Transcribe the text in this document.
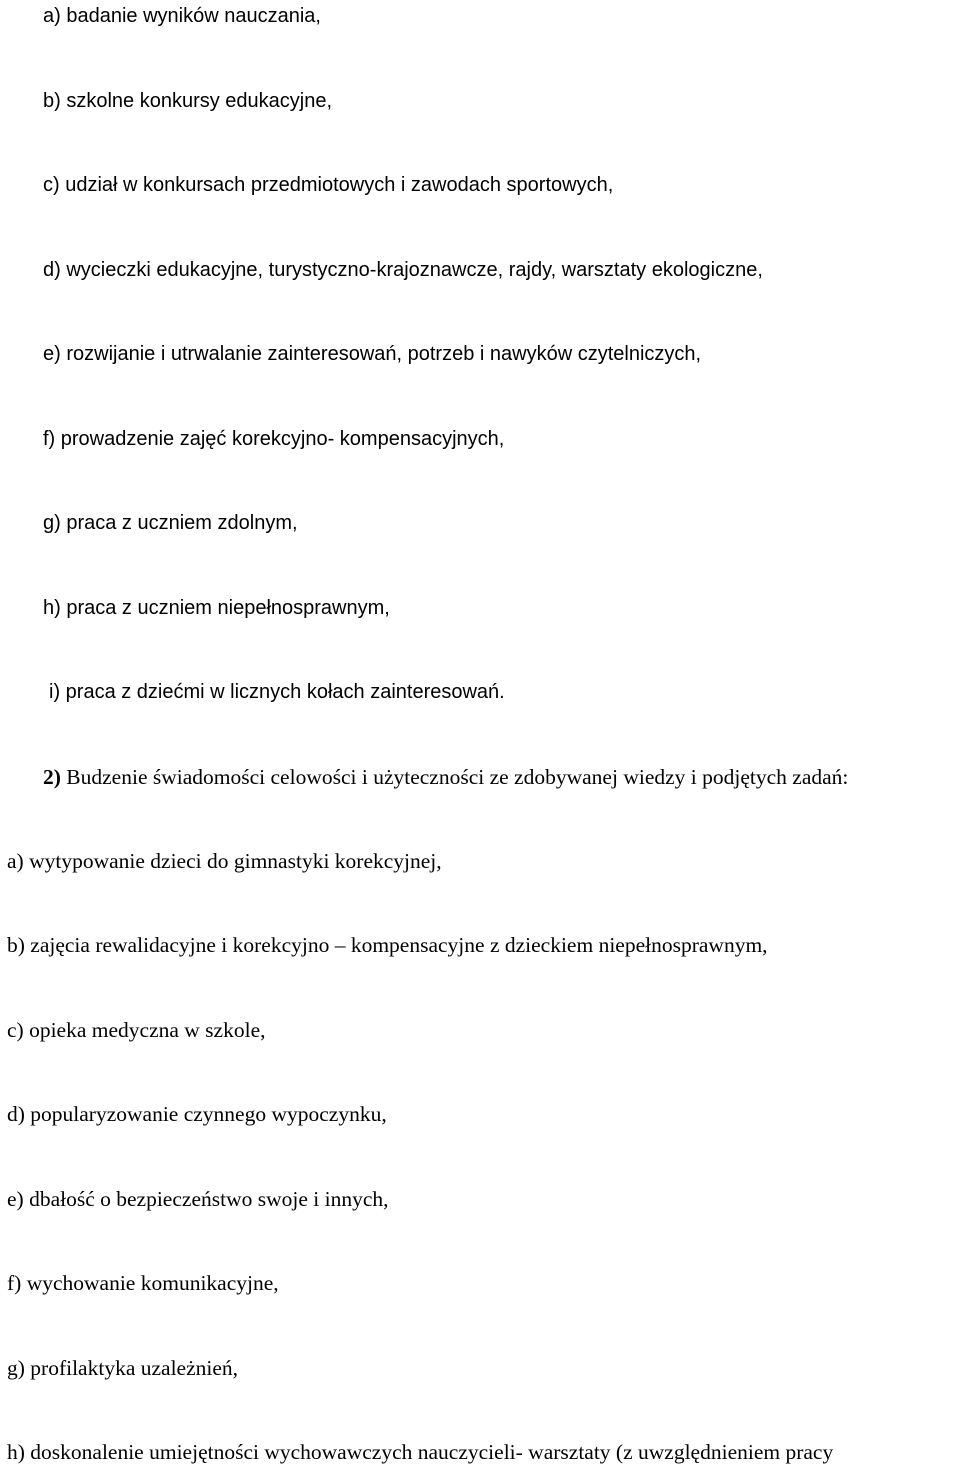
a) badanie wyników nauczania,
b) szkolne konkursy edukacyjne,
c) udział w konkursach przedmiotowych i zawodach sportowych,
d) wycieczki edukacyjne, turystyczno-krajoznawcze, rajdy, warsztaty ekologiczne,
e) rozwijanie i utrwalanie zainteresowań, potrzeb i nawyków czytelniczych,
f) prowadzenie zajęć korekcyjno- kompensacyjnych,
g) praca z uczniem zdolnym,
h) praca z uczniem niepełnosprawnym,
i) praca z dziećmi w licznych kołach zainteresowań.
2) Budzenie świadomości celowości i użyteczności ze zdobywanej wiedzy i podjętych zadań:
a) wytypowanie dzieci do gimnastyki korekcyjnej,
b) zajęcia rewalidacyjne i korekcyjno – kompensacyjne z dzieckiem niepełnosprawnym,
c) opieka medyczna w szkole,
d) popularyzowanie czynnego wypoczynku,
e) dbałość o bezpieczeństwo swoje i innych,
f) wychowanie komunikacyjne,
g) profilaktyka uzależnień,
h) doskonalenie umiejętności wychowawczych nauczycieli- warsztaty (z uwzględnieniem pracy
